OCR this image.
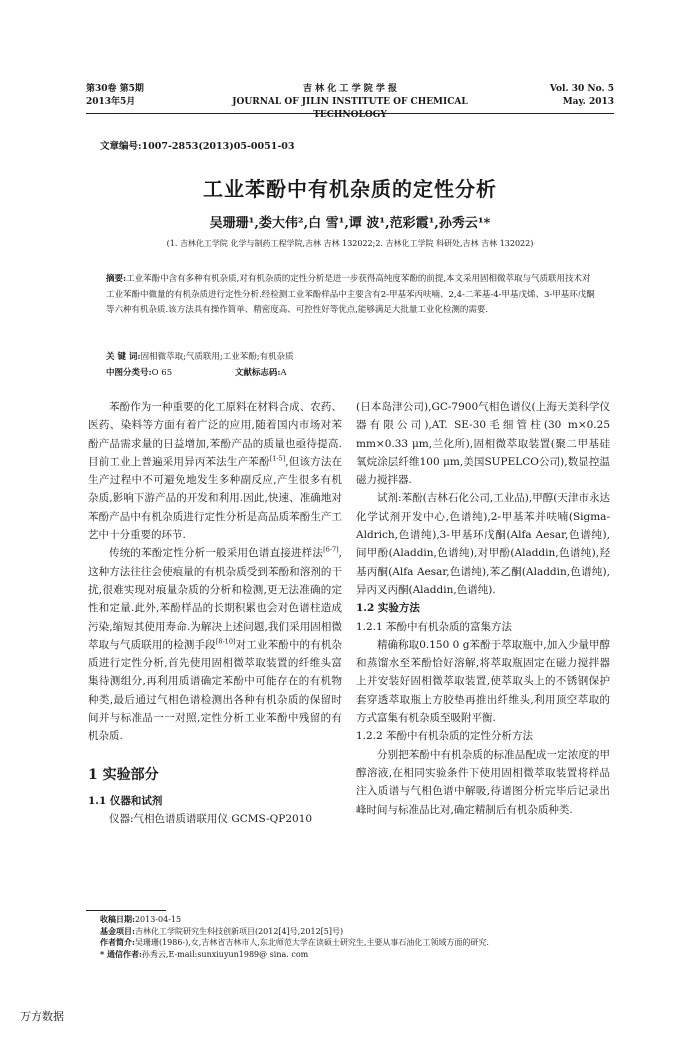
第30卷 第5期
2013年5月
吉 林 化 工 学 院 学 报
JOURNAL OF JILIN INSTITUTE OF CHEMICAL TECHNOLOGY
Vol. 30 No. 5
May. 2013
文章编号:1007-2853(2013)05-0051-03
工业苯酚中有机杂质的定性分析
吴珊珊¹,娄大伟²,白 雪¹,谭 波¹,范彩霞¹,孙秀云¹*
(1. 吉林化工学院 化学与制药工程学院,吉林 吉林 132022;2. 吉林化工学院 科研处,吉林 吉林 132022)
摘要:工业苯酚中含有多种有机杂质,对有机杂质的定性分析是进一步获得高纯度苯酚的前提,本文采用固相微萃取与气质联用技术对工业苯酚中微量的有机杂质进行定性分析.经检测工业苯酚样品中主要含有2-甲基苯丙呋喃、2,4-二苯基-4-甲基戊烯、3-甲基环戊酮等六种有机杂质.该方法具有操作简单、精密度高、可控性好等优点,能够满足大批量工业化检测的需要.
关 键 词:固相微萃取;气质联用;工业苯酚;有机杂质
中图分类号:O 65	文献标志码:A

苯酚作为一种重要的化工原料在材料合成、农药、医药、染料等方面有着广泛的应用,随着国内市场对苯酚产品需求量的日益增加,苯酚产品的质量也亟待提高.目前工业上普遍采用异丙苯法生产苯酚[1-5],但该方法在生产过程中不可避免地发生多种副反应,产生很多有机杂质,影响下游产品的开发和利用.因此,快速、准确地对苯酚产品中有机杂质进行定性分析是高品质苯酚生产工艺中十分重要的环节.

传统的苯酚定性分析一般采用色谱直接进样法[6-7],这种方法往往会使痕量的有机杂质受到苯酚和溶剂的干扰,很难实现对痕量杂质的分析和检测,更无法准确的定性和定量.此外,苯酚样品的长期积累也会对色谱柱造成污染,缩短其使用寿命.为解决上述问题,我们采用固相微萃取与气质联用的检测手段[8-10]对工业苯酚中的有机杂质进行定性分析,首先使用固相微萃取装置的纤维头富集待测组分,再利用质谱确定苯酚中可能存在的有机物种类,最后通过气相色谱检测出各种有机杂质的保留时间并与标准品一一对照,定性分析工业苯酚中残留的有机杂质.

1 实验部分

1.1 仪器和试剂

仪器:气相色谱质谱联用仪 GCMS-QP2010

(日本岛津公司),GC-7900气相色谱仪(上海天美科学仪器有限公司),AT. SE-30毛细管柱(30 m×0.25 mm×0.33 μm,兰化所),固相微萃取装置(聚二甲基硅氧烷涂层纤维100 μm,美国SUPELCO公司),数显控温磁力搅拌器.

试剂:苯酚(吉林石化公司,工业品),甲醇(天津市永达化学试剂开发中心,色谱纯),2-甲基苯并呋喃(Sigma-Aldrich,色谱纯),3-甲基环戊酮(Alfa Aesar,色谱纯),间甲酚(Aladdin,色谱纯),对甲酚(Aladdin,色谱纯),羟基丙酮(Alfa Aesar,色谱纯),苯乙酮(Aladdin,色谱纯),异丙叉丙酮(Aladdin,色谱纯).

1.2 实验方法

1.2.1 苯酚中有机杂质的富集方法

精确称取0.150 0 g苯酚于萃取瓶中,加入少量甲醇和蒸馏水至苯酚恰好溶解,将萃取瓶固定在磁力搅拌器上并安装好固相微萃取装置,使萃取头上的不锈钢保护套穿透萃取瓶上方胶垫再推出纤维头,利用顶空萃取的方式富集有机杂质至吸附平衡.

1.2.2 苯酚中有机杂质的定性分析方法

分别把苯酚中有机杂质的标准品配成一定浓度的甲醇溶液,在相同实验条件下使用固相微萃取装置将样品注入质谱与气相色谱中解吸,待谱图分析完毕后记录出峰时间与标准品比对,确定精制后有机杂质种类.

收稿日期:2013-04-15
基金项目:吉林化工学院研究生科技创新项目(2012[4]号,2012[5]号)
作者简介:吴珊珊(1986-),女,吉林省吉林市人,东北师范大学在读硕士研究生,主要从事石油化工领域方面的研究.
* 通信作者:孙秀云,E-mail:sunxiuyun1989@ sina. com
万方数据
